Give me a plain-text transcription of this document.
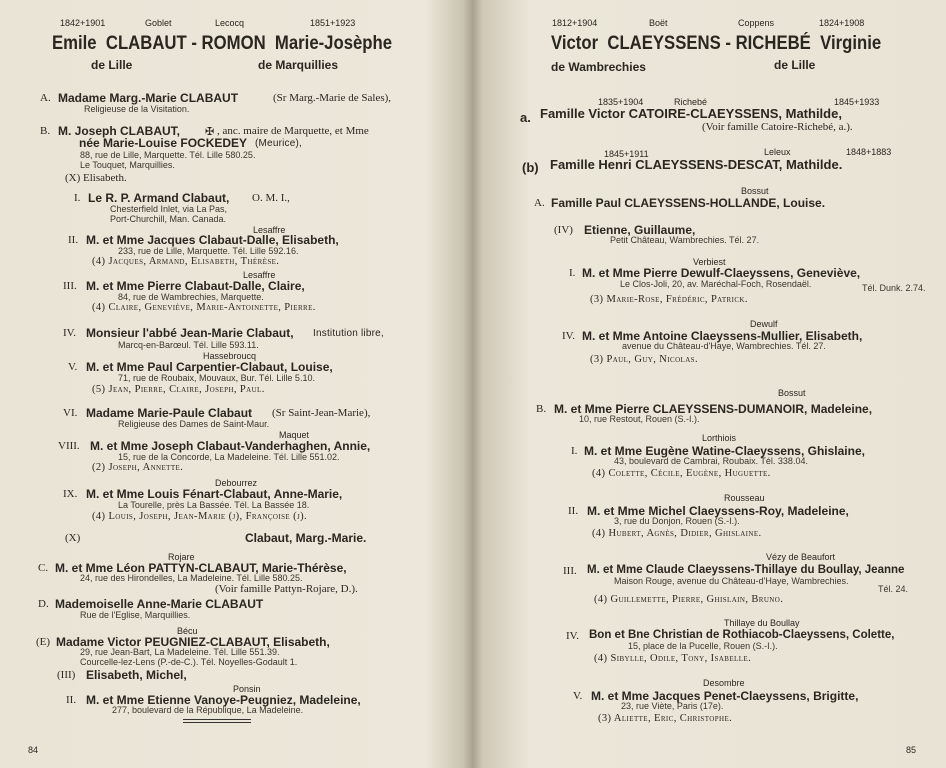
1842+1901	Goblet	Lecocq	1851+1923
Emile  CLABAUT - ROMON  Marie-Josèphe
de Lille	de Marquillies
A. Madame Marg.-Marie CLABAUT	(Sr Marg.-Marie de Sales),
Religieuse de la Visitation.
B. M. Joseph CLABAUT, ✠ , anc. maire de Marquette, et Mme
née Marie-Louise FOCKEDEY (Meurice),
88, rue de Lille, Marquette. Tél. Lille 580.25.
Le Touquet, Marquillies.
(X) Elisabeth.
I. Le R. P. Armand Clabaut, O. M. I.,
Chesterfield Inlet, via La Pas,
Port-Churchill, Man. Canada.
Lesaffre
II. M. et Mme Jacques Clabaut-Dalle, Elisabeth,
233, rue de Lille, Marquette. Tél. Lille 592.16.
(4) Jacques, Armand, Elisabeth, Thérèse.
Lesaffre
III. M. et Mme Pierre Clabaut-Dalle, Claire,
84, rue de Wambrechies, Marquette.
(4) Claire, Geneviève, Marie-Antoinette, Pierre.
IV. Monsieur l'abbé Jean-Marie Clabaut, Institution libre,
Marcq-en-Barœul. Tél. Lille 593.11.
Hassebroucq
V. M. et Mme Paul Carpentier-Clabaut, Louise,
71, rue de Roubaix, Mouvaux, Bur. Tél. Lille 5.10.
(5) Jean, Pierre, Claire, Joseph, Paul.
VI. Madame Marie-Paule Clabaut (Sr Saint-Jean-Marie),
Religieuse des Dames de Saint-Maur.
Maquet
VIII. M. et Mme Joseph Clabaut-Vanderhaghen, Annie,
15, rue de la Concorde, La Madeleine. Tél. Lille 551.02.
(2) Joseph, Annette.
Debourrez
IX. M. et Mme Louis Fénart-Clabaut, Anne-Marie,
La Tourelle, près La Bassée. Tél. La Bassée 18.
(4) Louis, Joseph, Jean-Marie (j), Françoise (j).
(X)	Clabaut, Marg.-Marie.
Rojare
C. M. et Mme Léon PATTYN-CLABAUT, Marie-Thérèse,
24, rue des Hirondelles, La Madeleine. Tél. Lille 580.25.
(Voir famille Pattyn-Rojare, D.).
D. Mademoiselle Anne-Marie CLABAUT
Rue de l'Eglise, Marquillies.
Bécu
(E) Madame Victor PEUGNIEZ-CLABAUT, Elisabeth,
29, rue Jean-Bart, La Madeleine. Tél. Lille 551.39.
Courcelle-lez-Lens (P.-de-C.). Tél. Noyelles-Godault 1.
(III) Elisabeth, Michel,
Ponsin
II. M. et Mme Etienne Vanoye-Peugniez, Madeleine,
277, boulevard de la République, La Madeleine.
84
1812+1904	Boët	Coppens	1824+1908
Victor  CLAEYSSENS - RICHEBÉ  Virginie
de Wambrechies	de Lille
1835+1904	Richebé	1845+1933
a. Famille Victor CATOIRE-CLAEYSSENS, Mathilde,
(Voir famille Catoire-Richebé, a.).
1845+1911	Leleux	1848+1883
(b) Famille Henri CLAEYSSENS-DESCAT, Mathilde.
Bossut
A. Famille Paul CLAEYSSENS-HOLLANDE, Louise.
(IV) Etienne, Guillaume,
Petit Château, Wambrechies. Tél. 27.
Verbiest
I. M. et Mme Pierre Dewulf-Claeyssens, Geneviève,
Le Clos-Joli, 20, av. Maréchal-Foch, Rosendaël.	Tél. Dunk. 2.74.
(3) Marie-Rose, Frédéric, Patrick.
Dewulf
IV. M. et Mme Antoine Claeyssens-Mullier, Elisabeth,
avenue du Château-d'Haye, Wambrechies. Tél. 27.
(3) Paul, Guy, Nicolas.
Bossut
B. M. et Mme Pierre CLAEYSSENS-DUMANOIR, Madeleine,
10, rue Restout, Rouen (S.-I.).
Lorthiois
I. M. et Mme Eugène Watine-Claeyssens, Ghislaine,
43, boulevard de Cambrai, Roubaix. Tél. 338.04.
(4) Colette, Cécile, Eugène, Huguette.
Rousseau
II. M. et Mme Michel Claeyssens-Roy, Madeleine,
3, rue du Donjon, Rouen (S.-I.).
(4) Hubert, Agnès, Didier, Ghislaine.
Vézy de Beaufort
III. M. et Mme Claude Claeyssens-Thillaye du Boullay, Jeanne
Maison Rouge, avenue du Château-d'Haye, Wambrechies.
Tél. 24.
(4) Guillemette, Pierre, Ghislain, Bruno.
Thillaye du Boullay
IV. Bon et Bne Christian de Rothiacob-Claeyssens, Colette,
15, place de la Pucelle, Rouen (S.-I.).
(4) Sibylle, Odile, Tony, Isabelle.
Desombre
V. M. et Mme Jacques Penet-Claeyssens, Brigitte,
23, rue Viète, Paris (17e).
(3) Aliette, Eric, Christophe.
85
